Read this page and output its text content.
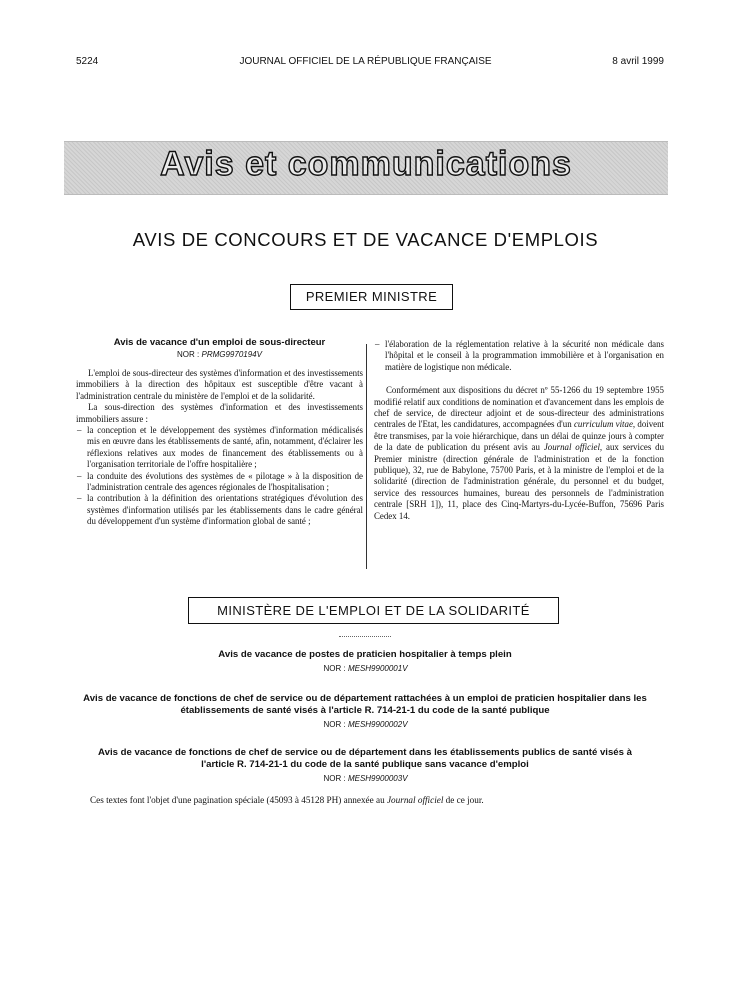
5224	JOURNAL OFFICIEL DE LA RÉPUBLIQUE FRANÇAISE	8 avril 1999
Avis et communications
AVIS DE CONCOURS ET DE VACANCE D'EMPLOIS
PREMIER MINISTRE
Avis de vacance d'un emploi de sous-directeur
NOR : PRMG9970194V

L'emploi de sous-directeur des systèmes d'information et des investissements immobiliers à la direction des hôpitaux est susceptible d'être vacant à l'administration centrale du ministère de l'emploi et de la solidarité.

La sous-direction des systèmes d'information et des investissements immobiliers assure :

– la conception et le développement des systèmes d'information médicalisés mis en œuvre dans les établissements de santé, afin, notamment, d'éclairer les réflexions relatives aux modes de financement des établissements ou à l'organisation territoriale de l'offre hospitalière ;
– la conduite des évolutions des systèmes de « pilotage » à la disposition de l'administration centrale des agences régionales de l'hospitalisation ;
– la contribution à la définition des orientations stratégiques d'évolution des systèmes d'information utilisés par les établissements dans le cadre général du développement d'un système d'information global de santé ;
– l'élaboration de la réglementation relative à la sécurité non médicale dans l'hôpital et le conseil à la programmation immobilière et à l'organisation en matière de logistique non médicale.

Conformément aux dispositions du décret nº 55-1266 du 19 septembre 1955 modifié relatif aux conditions de nomination et d'avancement dans les emplois de chef de service, de directeur adjoint et de sous-directeur des administrations centrales de l'Etat, les candidatures, accompagnées d'un curriculum vitae, doivent être transmises, par la voie hiérarchique, dans un délai de quinze jours à compter de la date de publication du présent avis au Journal officiel, aux services du Premier ministre (direction générale de l'administration et de la fonction publique), 32, rue de Babylone, 75700 Paris, et à la ministre de l'emploi et de la solidarité (direction de l'administration générale, du personnel et du budget, service des ressources humaines, bureau des personnels de l'administration centrale [SRH 1]), 11, place des Cinq-Martyrs-du-Lycée-Buffon, 75696 Paris Cedex 14.

MINISTÈRE DE L'EMPLOI ET DE LA SOLIDARITÉ
Avis de vacance de postes de praticien hospitalier à temps plein
NOR : MESH9900001V
Avis de vacance de fonctions de chef de service ou de département rattachées à un emploi de praticien hospitalier dans les établissements de santé visés à l'article R. 714-21-1 du code de la santé publique
NOR : MESH9900002V
Avis de vacance de fonctions de chef de service ou de département dans les établissements publics de santé visés à l'article R. 714-21-1 du code de la santé publique sans vacance d'emploi
NOR : MESH9900003V
Ces textes font l'objet d'une pagination spéciale (45093 à 45128 PH) annexée au Journal officiel de ce jour.
